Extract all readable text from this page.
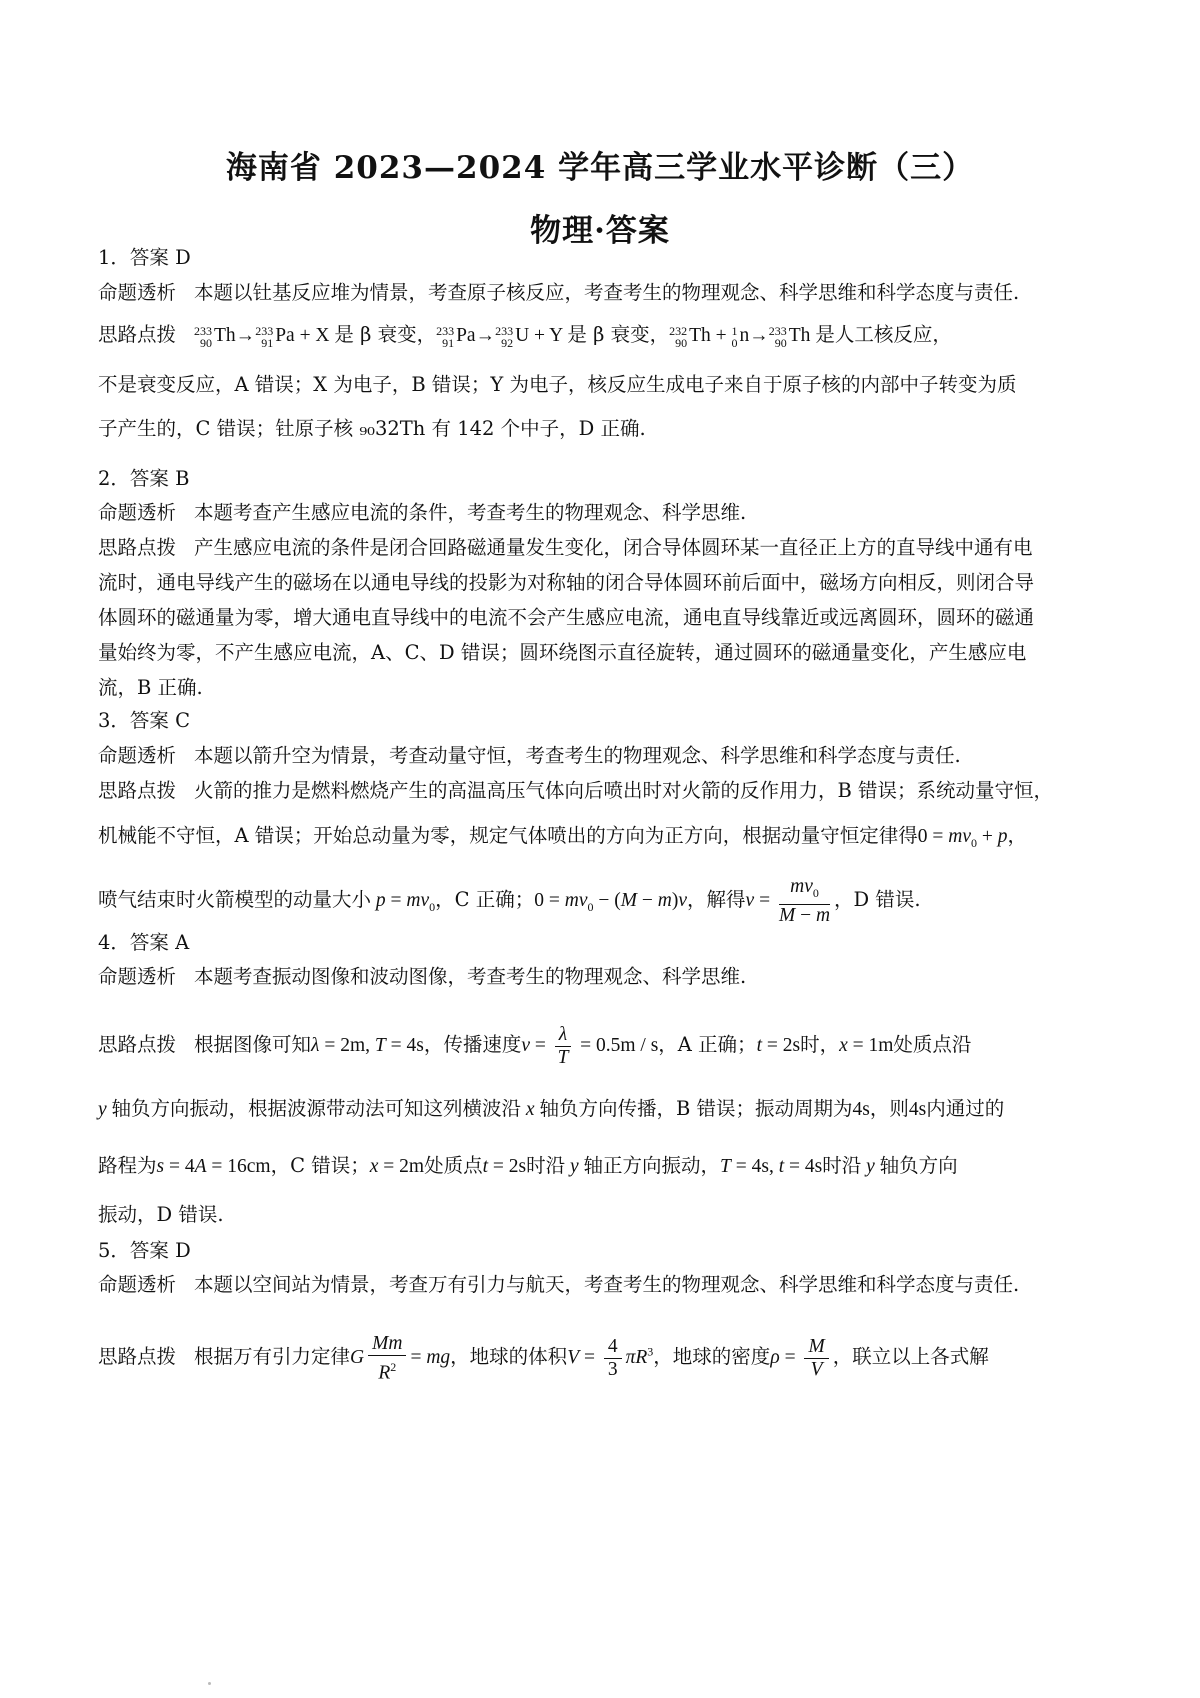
海南省 2023—2024 学年高三学业水平诊断（三）
物理·答案
1．答案 D
命题透析 本题以钍基反应堆为情景，考查原子核反应，考查考生的物理观念、科学思维和科学态度与责任.
思路点拨 233
90 Th→ 233
91 Pa + X 是 β 衰变， 233
91 Pa→ 233
92 U + Y 是 β 衰变， 232
90 Th + 1
0 n→ 233
90 Th 是人工核反应，
不是衰变反应，A 错误；X 为电子，B 错误；Y 为电子，核反应生成电子来自于原子核的内部中子转变为质
子产生的，C 错误；钍原子核 ₉₀32Th 有 142 个中子，D 正确.
2．答案 B
命题透析 本题考查产生感应电流的条件，考查考生的物理观念、科学思维.
思路点拨 产生感应电流的条件是闭合回路磁通量发生变化，闭合导体圆环某一直径正上方的直导线中通有电
流时，通电导线产生的磁场在以通电导线的投影为对称轴的闭合导体圆环前后面中，磁场方向相反，则闭合导
体圆环的磁通量为零，增大通电直导线中的电流不会产生感应电流，通电直导线靠近或远离圆环，圆环的磁通
量始终为零，不产生感应电流，A、C、D 错误；圆环绕图示直径旋转，通过圆环的磁通量变化，产生感应电
流，B 正确.
3．答案 C
命题透析 本题以箭升空为情景，考查动量守恒，考查考生的物理观念、科学思维和科学态度与责任.
思路点拨 火箭的推力是燃料燃烧产生的高温高压气体向后喷出时对火箭的反作用力，B 错误；系统动量守恒，
机械能不守恒，A 错误；开始总动量为零，规定气体喷出的方向为正方向，根据动量守恒定律得$0 = mv_0 + p$，
喷气结束时火箭模型的动量大小 $p = mv_0$，C 正确；$0 = mv_0 - (M - m)v$，解得$v = \frac{mv_0}{M - m}$ ，D 错误.
4．答案 A
命题透析 本题考查振动图像和波动图像，考查考生的物理观念、科学思维.
思路点拨 根据图像可知λ = 2m, T = 4s，传播速度$v = \frac{\lambda}{T} = 0.5m / s$，A 正确；t = 2s时，x = 1m处质点沿
y 轴负方向振动，根据波源带动法可知这列横波沿 x 轴负方向传播，B 错误；振动周期为4s，则4s内通过的
路程为s = 4A = 16cm，C 错误；x = 2m处质点t = 2s时沿 y 轴正方向振动，T = 4s, t = 4s时沿 y 轴负方向
振动，D 错误.
5．答案 D
命题透析 本题以空间站为情景，考查万有引力与航天，考查考生的物理观念、科学思维和科学态度与责任.
思路点拨 根据万有引力定律G $\frac{Mm}{R^2}$ = mg，地球的体积$V = \frac{4}{3} \pi R^3$，地球的密度$\rho = \frac{M}{V}$ ，联立以上各式解
